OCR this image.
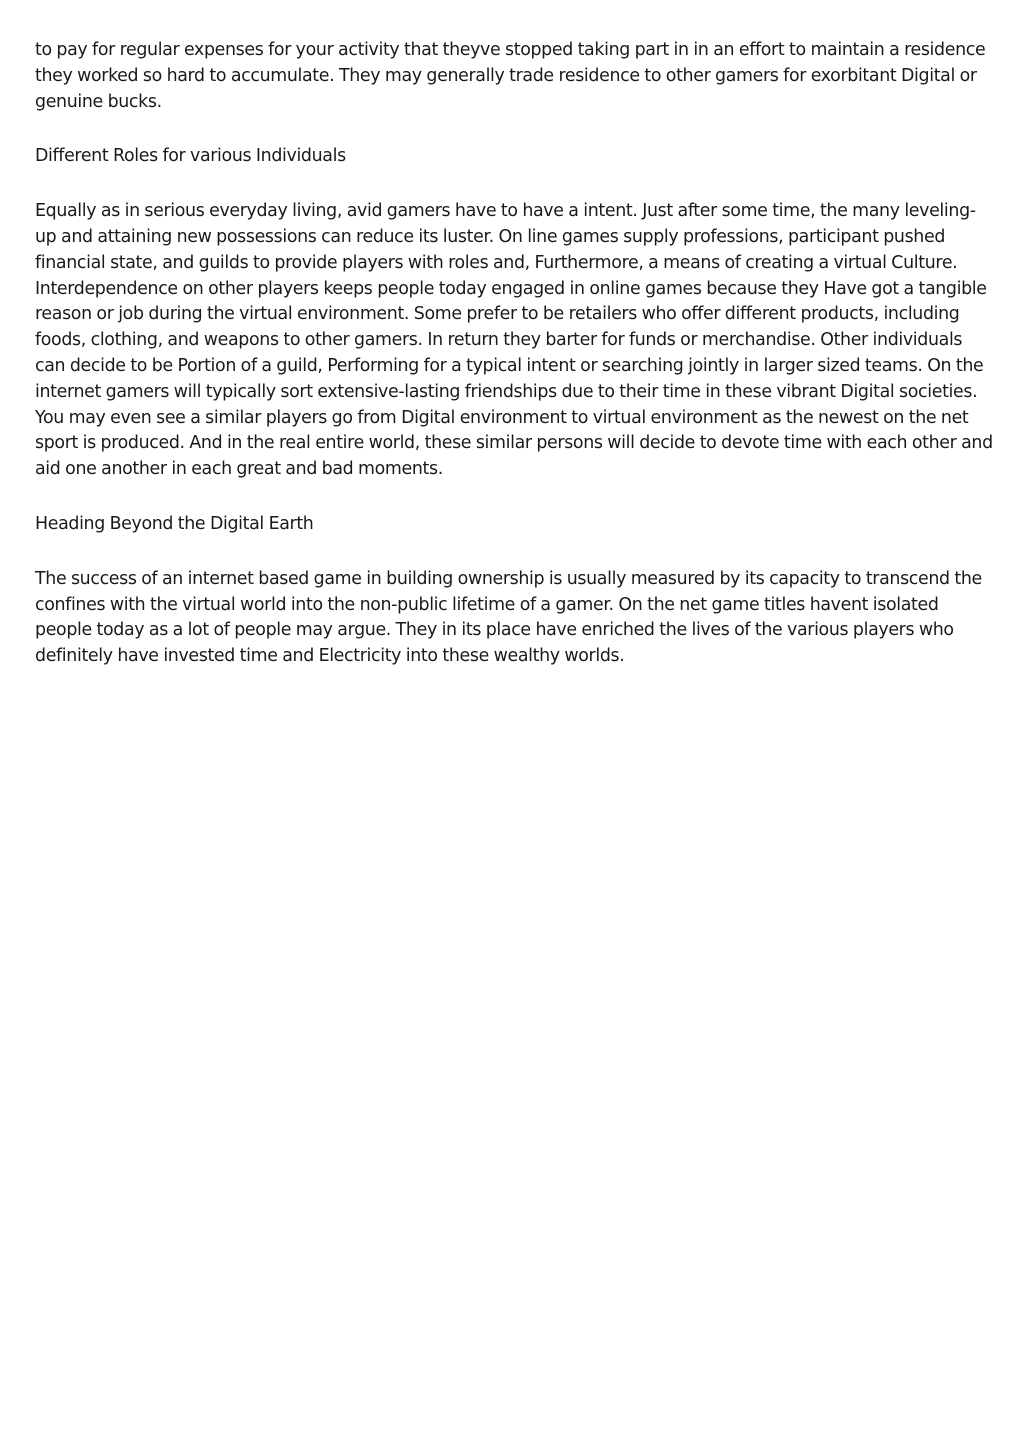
to pay for regular expenses for your activity that theyve stopped taking part in in an effort to maintain a residence they worked so hard to accumulate. They may generally trade residence to other gamers for exorbitant Digital or genuine bucks.

Different Roles for various Individuals

Equally as in serious everyday living, avid gamers have to have a intent. Just after some time, the many leveling-up and attaining new possessions can reduce its luster. On line games supply professions, participant pushed financial state, and guilds to provide players with roles and, Furthermore, a means of creating a virtual Culture. Interdependence on other players keeps people today engaged in online games because they Have got a tangible reason or job during the virtual environment. Some prefer to be retailers who offer different products, including foods, clothing, and weapons to other gamers. In return they barter for funds or merchandise. Other individuals can decide to be Portion of a guild, Performing for a typical intent or searching jointly in larger sized teams. On the internet gamers will typically sort extensive-lasting friendships due to their time in these vibrant Digital societies. You may even see a similar players go from Digital environment to virtual environment as the newest on the net sport is produced. And in the real entire world, these similar persons will decide to devote time with each other and aid one another in each great and bad moments.

Heading Beyond the Digital Earth

The success of an internet based game in building ownership is usually measured by its capacity to transcend the confines with the virtual world into the non-public lifetime of a gamer. On the net game titles havent isolated people today as a lot of people may argue. They in its place have enriched the lives of the various players who definitely have invested time and Electricity into these wealthy worlds.
